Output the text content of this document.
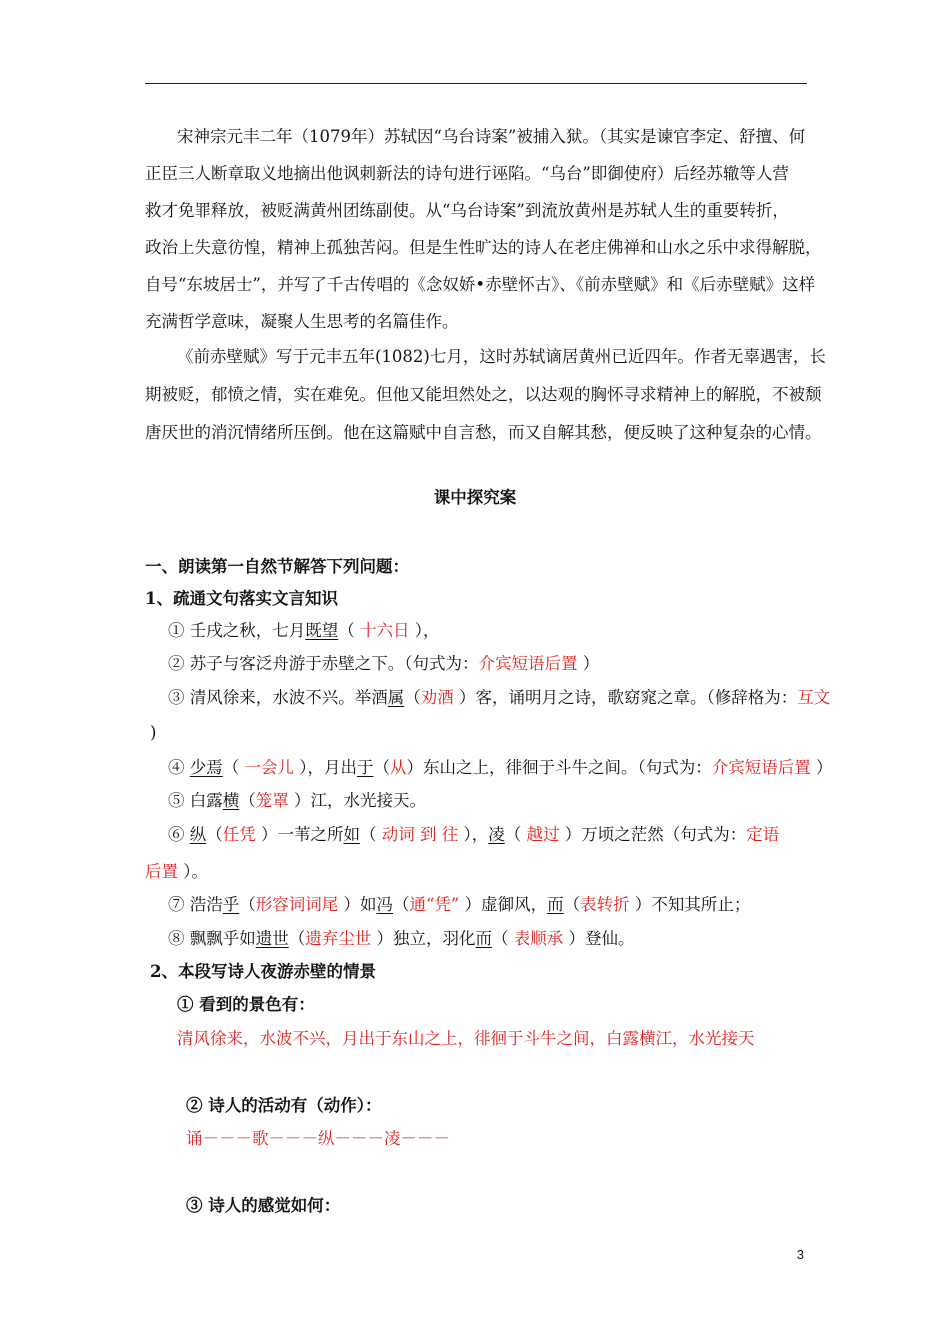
宋神宗元丰二年（1079年）苏轼因“乌台诗案”被捕入狱。（其实是谏官李定、舒擅、何
正臣三人断章取义地摘出他讽刺新法的诗句进行诬陷。“乌台”即御使府）后经苏辙等人营
救才免罪释放，被贬满黄州团练副使。从“乌台诗案”到流放黄州是苏轼人生的重要转折，
政治上失意彷惶，精神上孤独苦闷。但是生性旷达的诗人在老庄佛禅和山水之乐中求得解脱，
自号“东坡居士”，并写了千古传唱的《念奴娇•赤壁怀古》、《前赤壁赋》和《后赤壁赋》这样
充满哲学意味，凝聚人生思考的名篇佳作。
《前赤壁赋》写于元丰五年(1082)七月，这时苏轼谪居黄州已近四年。作者无辜遇害，长
期被贬，郁愤之情，实在难免。但他又能坦然处之，以达观的胸怀寻求精神上的解脱，不被颓
唐厌世的消沉情绪所压倒。他在这篇赋中自言愁，而又自解其愁，便反映了这种复杂的心情。
课中探究案
一、朗读第一自然节解答下列问题：
1、疏通文句落实文言知识
① 壬戌之秋，七月既望（ 十六日 ），
② 苏子与客泛舟游于赤壁之下。（句式为：介宾短语后置 ）
③ 清风徐来，水波不兴。举酒属（劝酒 ）客，诵明月之诗，歌窈窕之章。（修辞格为：互文
)
④ 少焉（ 一会儿 ），月出于（从）东山之上，徘徊于斗牛之间。（句式为：介宾短语后置 ）
⑤ 白露横（笼罩 ）江，水光接天。
⑥ 纵（任凭 ）一苇之所如（ 动词 到 往 ），凌（ 越过 ）万顷之茫然（句式为：定语
后置 ）。
⑦ 浩浩乎（形容词词尾 ）如冯（通“凭” ）虚御风，而（表转折 ）不知其所止；
⑧ 飘飘乎如遗世（遗弃尘世 ）独立，羽化而（ 表顺承 ）登仙。
2、本段写诗人夜游赤壁的情景
① 看到的景色有：
清风徐来，水波不兴，月出于东山之上，徘徊于斗牛之间，白露横江，水光接天
② 诗人的活动有（动作）：
诵－－－歌－－－纵－－－凌－－－
③ 诗人的感觉如何：
3
